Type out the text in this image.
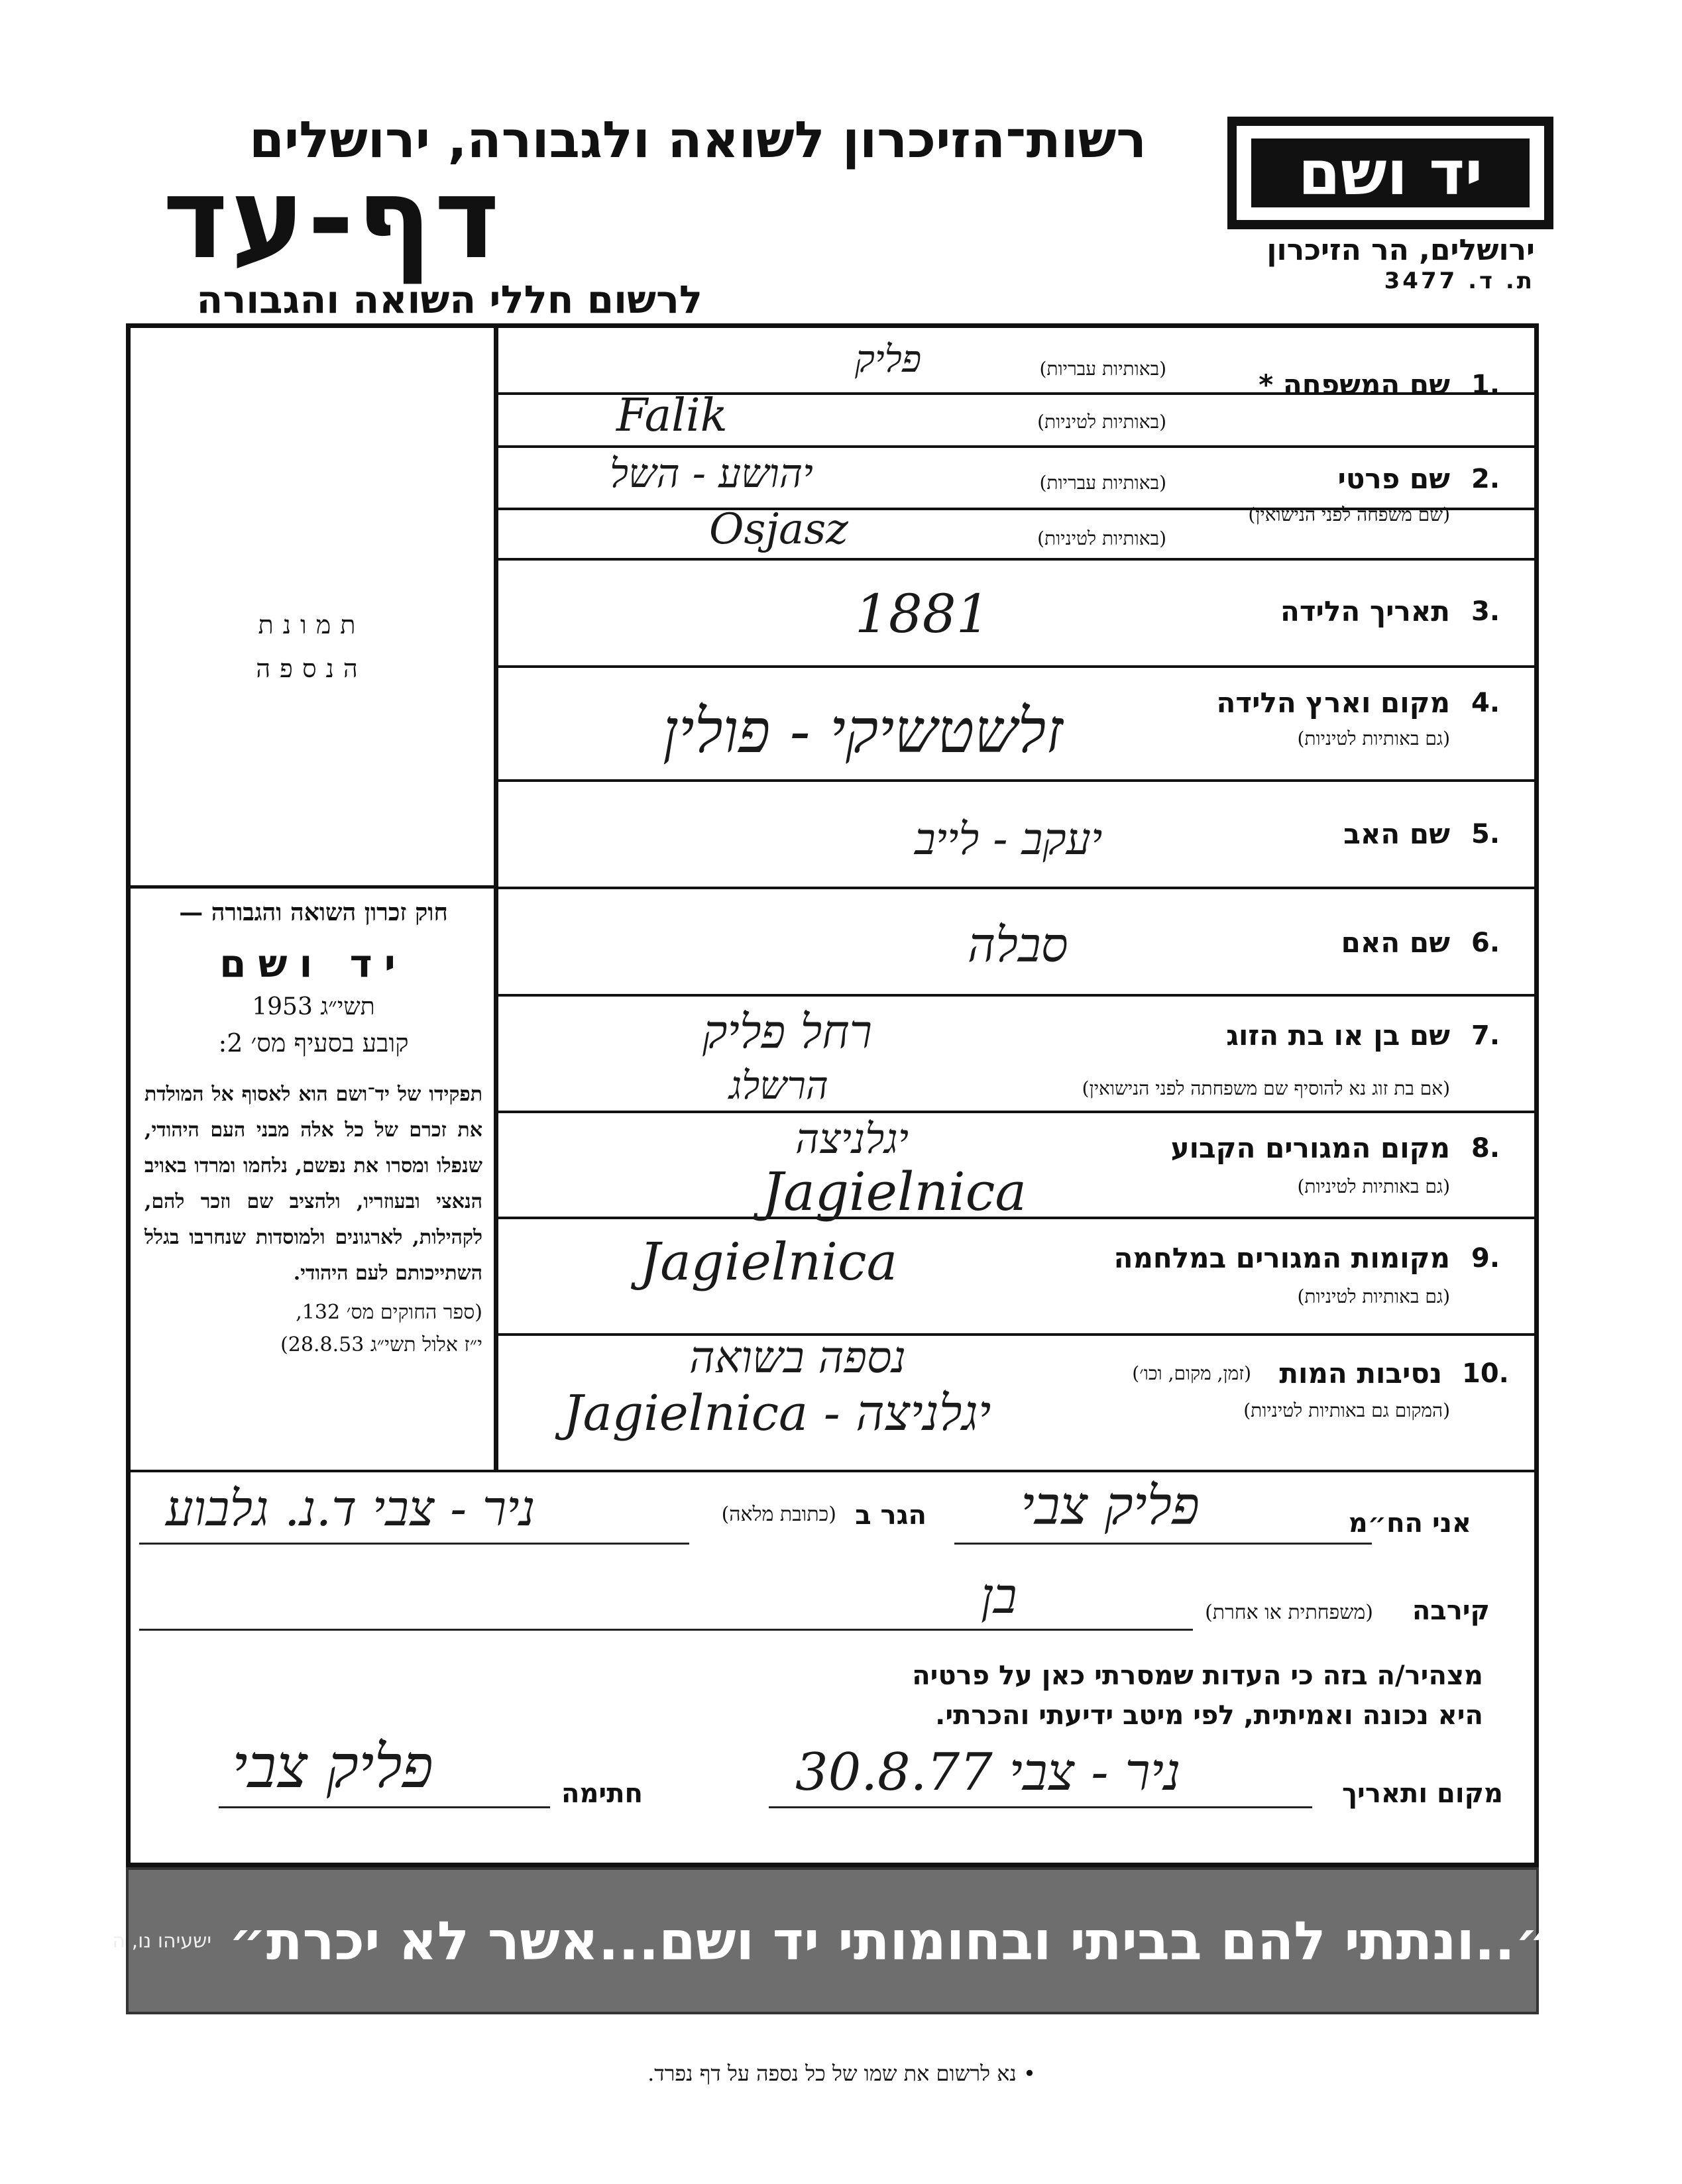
יד ושם
רשות־הזיכרון לשואה ולגבורה, ירושלים
דף-עד
לרשום חללי השואה והגבורה
ירושלים, הר הזיכרון
ת. ד. 3477
תמונת
הנספה
חוק זכרון השואה והגבורה —
יד ושם
תשי״ג 1953
קובע בסעיף מס׳ 2:
תפקידו של יד־ושם הוא לאסוף אל המולדת את זכרם של כל אלה מבני העם היהודי, שנפלו ומסרו את נפשם, נלחמו ומרדו באויב הנאצי ובעוזריו, ולהציב שם וזכר להם, לקהילות, לארגונים ולמוסדות שנחרבו בגלל השתייכותם לעם היהודי.
(ספר החוקים מס׳ 132,
י״ז אלול תשי״ג 28.8.53)
1.
שם המשפחה *
(באותיות עבריות)
(באותיות לטיניות)
פליק
Falik
2.
שם פרטי
(שם משפחה לפני הנישואין)
(באותיות עבריות)
(באותיות לטיניות)
יהושע - השל
Osjasz
3.
תאריך הלידה
1881
4.
מקום וארץ הלידה
(גם באותיות לטיניות)
זלשטשיקי - פולין
5.
שם האב
יעקב - לייב
6.
שם האם
סבלה
7.
שם בן או בת הזוג
(אם בת זוג נא להוסיף שם משפחתה לפני הנישואין)
רחל פליק
הרשלג
8.
מקום המגורים הקבוע
(גם באותיות לטיניות)
יגלניצה
Jagielnica
9.
מקומות המגורים במלחמה
(גם באותיות לטיניות)
Jagielnica
10.
נסיבות המות
(זמן, מקום, וכו׳)
(המקום גם באותיות לטיניות)
נספה בשואה
Jagielnica - יגלניצה
אני הח״מ
פליק צבי
הגר ב
(כתובת מלאה)
ניר - צבי ד.נ. גלבוע
קירבה
(משפחתית או אחרת)
בן
מצהיר/ה בזה כי העדות שמסרתי כאן על פרטיה
היא נכונה ואמיתית, לפי מיטב ידיעתי והכרתי.
מקום ותאריך
ניר - צבי 30.8.77
חתימה
פליק צבי
״..ונתתי להם בביתי ובחומותי יד ושם...אשר לא יכרת״
ישעיהו נו, ה
• נא לרשום את שמו של כל נספה על דף נפרד.
